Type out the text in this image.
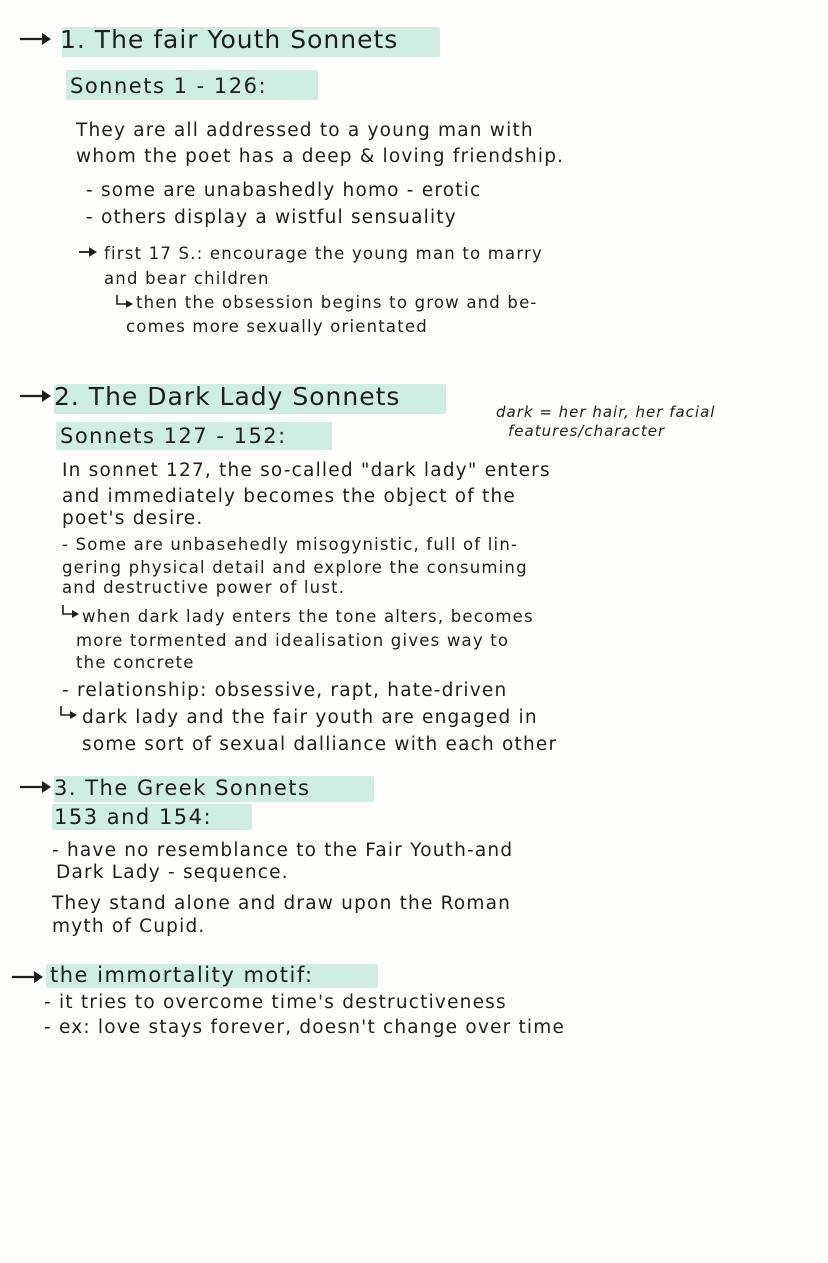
1. The fair Youth Sonnets
Sonnets 1 - 126:
They are all addressed to a young man with
whom the poet has a deep & loving friendship.
- some are unabashedly homo - erotic
- others display a wistful sensuality
first 17 S.: encourage the young man to marry
and bear children
then the obsession begins to grow and be-
comes more sexually orientated
2. The Dark Lady Sonnets
Sonnets 127 - 152:
dark = her hair, her facial
features/character
In sonnet 127, the so-called "dark lady" enters
and immediately becomes the object of the
poet's desire.
- Some are unbasehedly misogynistic, full of lin-
gering physical detail and explore the consuming
and destructive power of lust.
when dark lady enters the tone alters, becomes
more tormented and idealisation gives way to
the concrete
- relationship: obsessive, rapt, hate-driven
dark lady and the fair youth are engaged in
some sort of sexual dalliance with each other
3. The Greek Sonnets
153 and 154:
- have no resemblance to the Fair Youth-and
Dark Lady - sequence.
They stand alone and draw upon the Roman
myth of Cupid.
the immortality motif:
- it tries to overcome time's destructiveness
- ex: love stays forever, doesn't change over time
